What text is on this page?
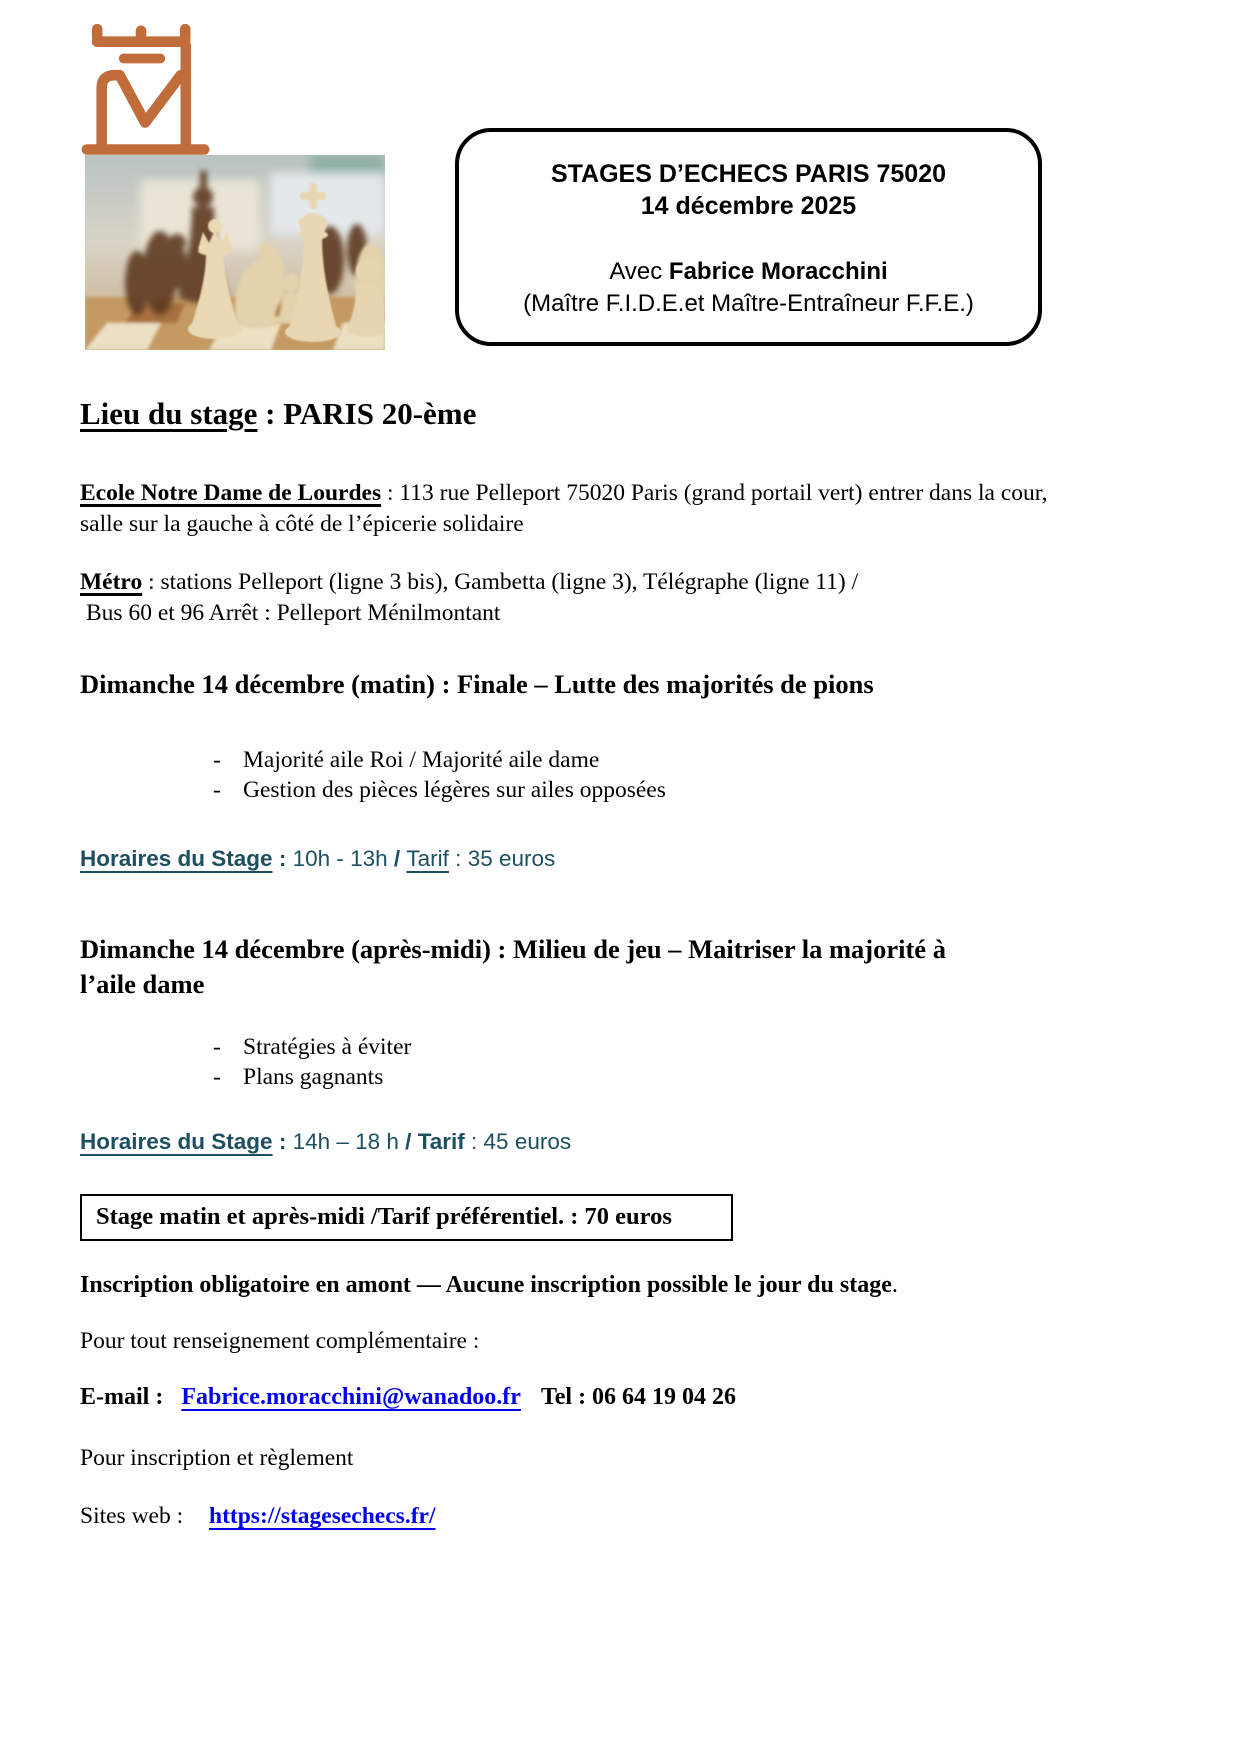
STAGES D’ECHECS PARIS 75020
14 décembre 2025
Avec Fabrice Moracchini
(Maître F.I.D.E.et Maître-Entraîneur F.F.E.)
Lieu du stage : PARIS 20-ème

Ecole Notre Dame de Lourdes : 113 rue Pelleport 75020 Paris (grand portail vert) entrer dans la cour, salle sur la gauche à côté de l’épicerie solidaire

Métro : stations Pelleport (ligne 3 bis), Gambetta (ligne 3), Télégraphe (ligne 11) /
Bus 60 et 96 Arrêt : Pelleport Ménilmontant

Dimanche 14 décembre (matin) : Finale – Lutte des majorités de pions
- Majorité aile Roi / Majorité aile dame
- Gestion des pièces légères sur ailes opposées
Horaires du Stage : 10h - 13h / Tarif : 35 euros
Dimanche 14 décembre (après-midi) : Milieu de jeu – Maitriser la majorité à l’aile dame
- Stratégies à éviter
- Plans gagnants
Horaires du Stage : 14h – 18 h / Tarif : 45 euros
Stage matin et après-midi /Tarif préférentiel. : 70 euros

Inscription obligatoire en amont — Aucune inscription possible le jour du stage.

Pour tout renseignement complémentaire :

E-mail : Fabrice.moracchini@wanadoo.fr Tel : 06 64 19 04 26

Pour inscription et règlement

Sites web : https://stagesechecs.fr/
